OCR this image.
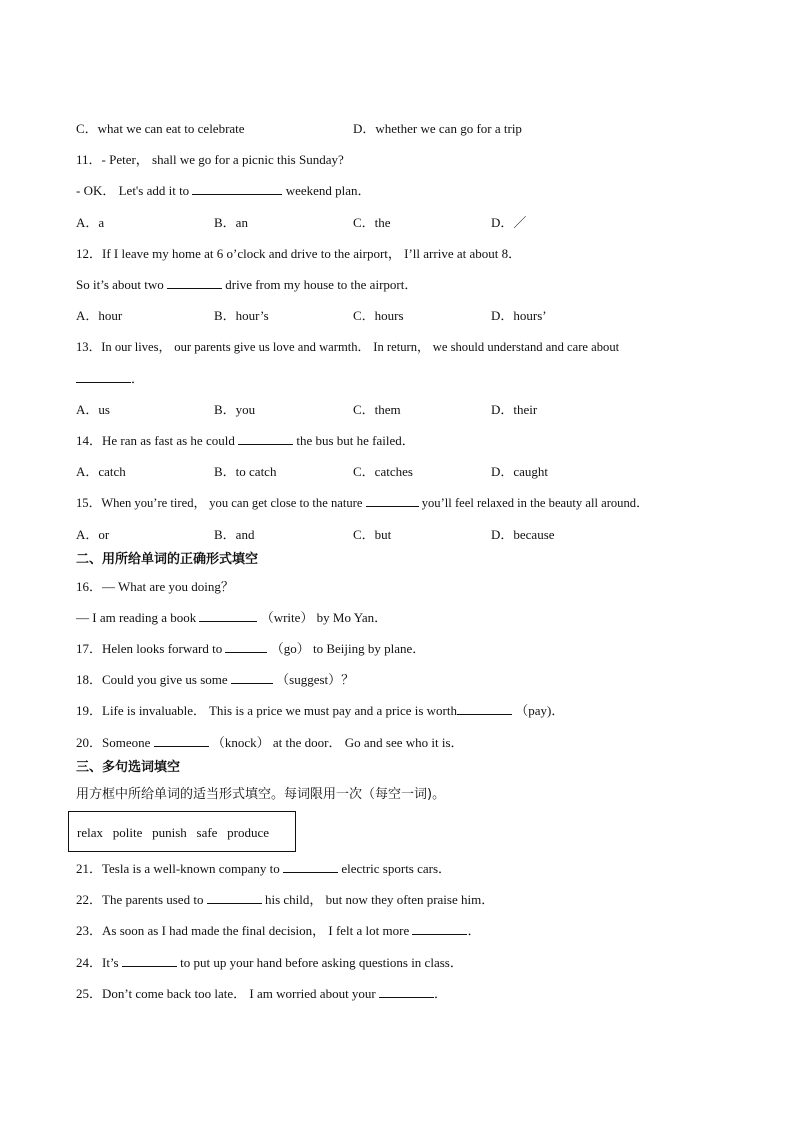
C．what we can eat to celebrate	D．whether we can go for a trip
11．- Peter， shall we go for a picnic this Sunday?
- OK． Let's add it to	weekend plan．
A．a	B．an	C．the	D．／
12．If I leave my home at 6 o’clock and drive to the airport， I’ll arrive at about 8．
So it’s about two	drive from my house to the airport．
A．hour	B．hour’s	C．hours	D．hours’
13．In our lives， our parents give us love and warmth． In return， we should understand and care about
．
A．us	B．you	C．them	D．their
14．He ran as fast as he could	the bus but he failed．
A．catch	B．to catch	C．catches	D．caught
15．When you’re tired， you can get close to the nature	you’ll feel relaxed in the beauty all around．
A．or	B．and	C．but	D．because
二、用所给单词的正确形式填空
16．— What are you doing？
— I am reading a book	（write） by Mo Yan．
17．Helen looks forward to	（go） to Beijing by plane．
18．Could you give us some	（suggest）？
19．Life is invaluable． This is a price we must pay and a price is worth	（pay)．
20．Someone	（knock） at the door． Go and see who it is．
三、多句选词填空
用方框中所给单词的适当形式填空。每词限用一次（每空一词)。
relax   polite   punish   safe   produce
21．Tesla is a well-known company to	electric sports cars．
22．The parents used to	his child， but now they often praise him．
23．As soon as I had made the final decision， I felt a lot more	．
24．It’s	to put up your hand before asking questions in class．
25．Don’t come back too late． I am worried about your	．
